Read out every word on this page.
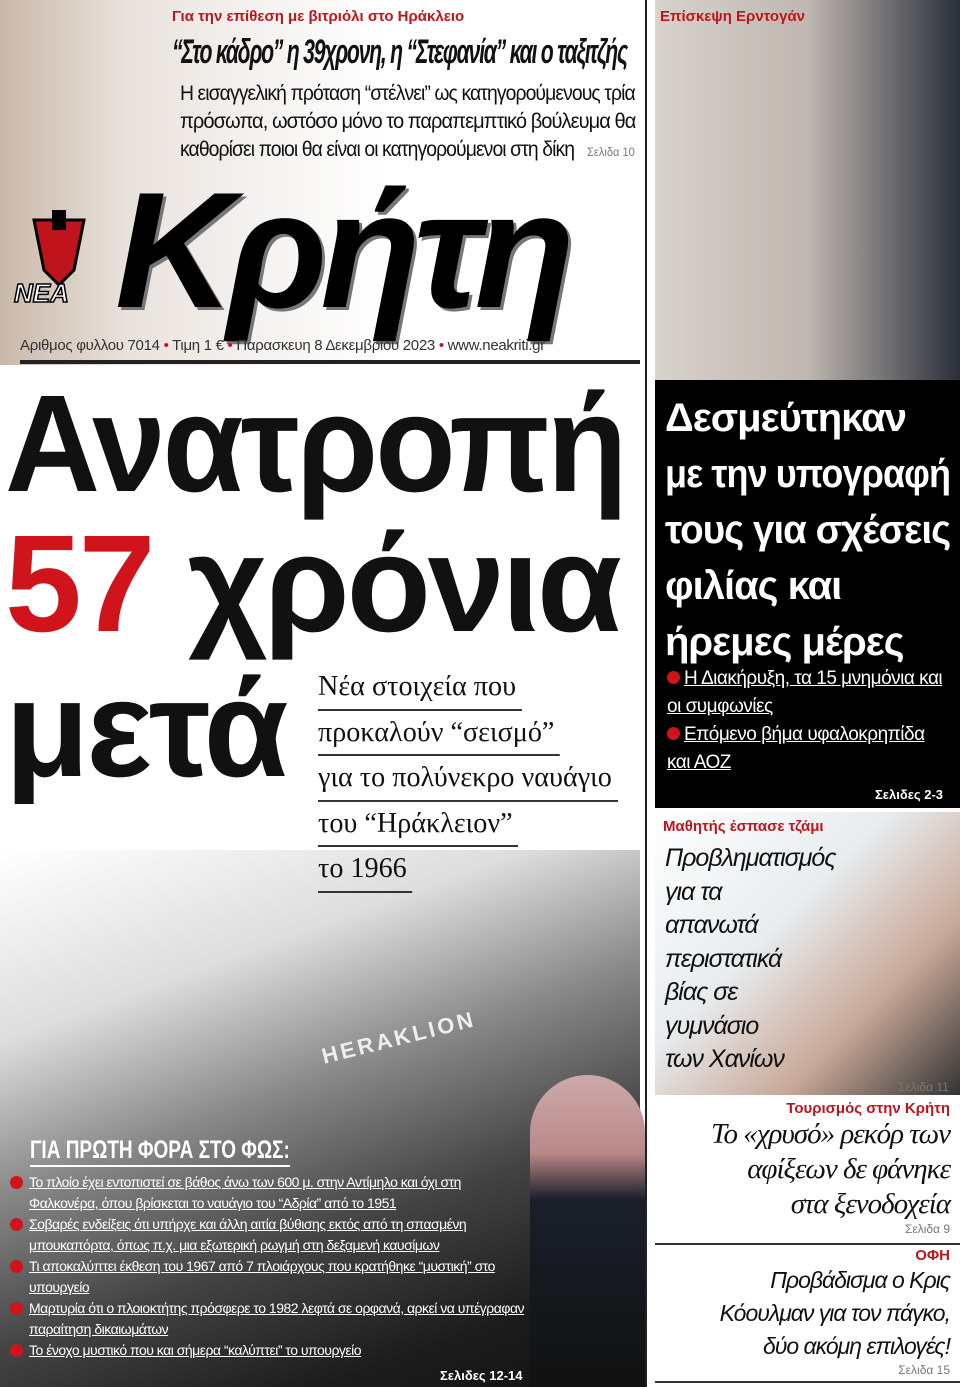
Για την επίθεση με βιτριόλι στο Ηράκλειο
“Στο κάδρο” η 39χρονη, η “Στεφανία” και ο ταξιτζής
Η εισαγγελική πρόταση “στέλνει” ως κατηγορούμενους τρία
πρόσωπα, ωστόσο μόνο το παραπεμπτικό βούλευμα θα
καθορίσει ποιοι θα είναι οι κατηγορούμενοι στη δίκη Σελιδα 10
ΝΕΑ Κρήτη
Αριθμος φυλλου 7014 • Τιμη 1 € • Παρασκευη 8 Δεκεμβριου 2023 • www.neakriti.gr
HERAKLION
Ανατροπή
57 χρόνια
μετά Νέα στοιχεία που
προκαλούν “σεισμό”
για το πολύνεκρο ναυάγιο
του “Ηράκλειον”
το 1966
ΓΙΑ ΠΡΩΤΗ ΦΟΡΑ ΣΤΟ ΦΩΣ:
Το πλοίο έχει εντοπιστεί σε βάθος άνω των 600 μ. στην Αντίμηλο και όχι στη Φαλκονέρα, όπου βρίσκεται το ναυάγιο του “Αδρία” από το 1951
Σοβαρές ενδείξεις ότι υπήρχε και άλλη αιτία βύθισης εκτός από τη σπασμένη μπουκαπόρτα, όπως π.χ. μια εξωτερική ρωγμή στη δεξαμενή καυσίμων
Τι αποκαλύπτει έκθεση του 1967 από 7 πλοιάρχους που κρατήθηκε “μυστική” στο υπουργείο
Μαρτυρία ότι ο πλοιοκτήτης πρόσφερε το 1982 λεφτά σε ορφανά, αρκεί να υπέγραφαν παραίτηση δικαιωμάτων
Το ένοχο μυστικό που και σήμερα “καλύπτει” το υπουργείο
Σελιδες 12-14
Επίσκεψη Ερντογάν
Δεσμεύτηκαν
με την υπογραφή
τους για σχέσεις
φιλίας και
ήρεμες μέρες
Η Διακήρυξη, τα 15 μνημόνια και οι συμφωνίες
Επόμενο βήμα υφαλοκρηπίδα και ΑΟΖ
Σελιδες 2-3
Μαθητής έσπασε τζάμι
Προβληματισμός
για τα
απανωτά
περιστατικά
βίας σε
γυμνάσιο
των Χανίων
Σελιδα 11
Τουρισμός στην Κρήτη
Το «χρυσό» ρεκόρ των
αφίξεων δε φάνηκε
στα ξενοδοχεία
Σελιδα 9
ΟΦΗ
Προβάδισμα ο Κρις
Κόουλμαν για τον πάγκο,
δύο ακόμη επιλογές!
Σελιδα 15
